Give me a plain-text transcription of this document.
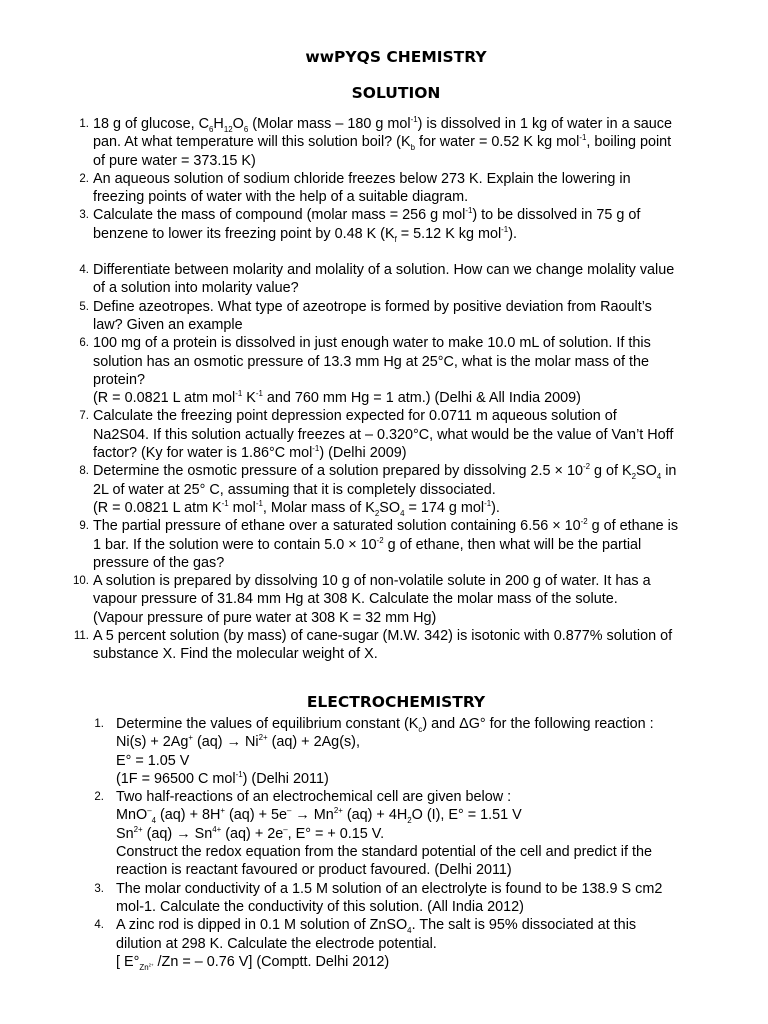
wwPYQS CHEMISTRY
SOLUTION
1. 18 g of glucose, $C_6H_{12}O_6$ (Molar mass – 180 g mol$^{-1}$) is dissolved in 1 kg of water in a sauce
pan. At what temperature will this solution boil? ($K_b$ for water = 0.52 K kg mol$^{-1}$, boiling point
of pure water = 373.15 K)
2. An aqueous solution of sodium chloride freezes below 273 K. Explain the lowering in
freezing points of water with the help of a suitable diagram.
3. Calculate the mass of compound (molar mass = 256 g mol$^{-1}$) to be dissolved in 75 g of
benzene to lower its freezing point by 0.48 K ($K_f = 5.12$ K kg mol$^{-1}$).
4. Differentiate between molarity and molality of a solution. How can we change molality value
of a solution into molarity value?
5. Define azeotropes. What type of azeotrope is formed by positive deviation from Raoult’s
law? Given an example
6. 100 mg of a protein is dissolved in just enough water to make 10.0 mL of solution. If this
solution has an osmotic pressure of 13.3 mm Hg at 25°C, what is the molar mass of the
protein?
(R = 0.0821 L atm mol$^{-1}$ $K^{-1}$ and 760 mm Hg = 1 atm.) (Delhi & All India 2009)
7. Calculate the freezing point depression expected for 0.0711 m aqueous solution of
Na2S04. If this solution actually freezes at – 0.320°C, what would be the value of Van’t Hoff
factor? (Ky for water is 1.86°C mol$^{-1}$) (Delhi 2009)
8. Determine the osmotic pressure of a solution prepared by dissolving $2.5 \times 10^{-2}$ g of $K_2SO_4$ in
2L of water at 25° C, assuming that it is completely dissociated.
(R = 0.0821 L atm $K^{-1}$ mol$^{-1}$, Molar mass of $K_2SO_4 = 174$ g mol$^{-1}$).
9. The partial pressure of ethane over a saturated solution containing $6.56 \times 10^{-2}$ g of ethane is
1 bar. If the solution were to contain $5.0 \times 10^{-2}$ g of ethane, then what will be the partial
pressure of the gas?
10. A solution is prepared by dissolving 10 g of non-volatile solute in 200 g of water. It has a
vapour pressure of 31.84 mm Hg at 308 K. Calculate the molar mass of the solute.
(Vapour pressure of pure water at 308 K = 32 mm Hg)
11. A 5 percent solution (by mass) of cane-sugar (M.W. 342) is isotonic with 0.877% solution of
substance X. Find the molecular weight of X.
ELECTROCHEMISTRY
1. Determine the values of equilibrium constant $(K_c)$ and ΔG° for the following reaction :
Ni(s) + 2Ag+ $(aq) \to Ni^{2+}$ (aq) + 2Ag(s),
E° = 1.05 V
(1F = 96500 C mol$^{-1}$) (Delhi 2011)
2. Two half-reactions of an electrochemical cell are given below :
MnO–$_4$ (aq) + 8H+ $(aq) + 5e^- \to Mn^{2+}$ $(aq) + 4H_2O$ (I), E° = 1.51 V
$Sn^{2+}$ $(aq) \to Sn^{4+}$ (aq) + 2e–, E° = + 0.15 V.
Construct the redox equation from the standard potential of the cell and predict if the
reaction is reactant favoured or product favoured. (Delhi 2011)
3. The molar conductivity of a 1.5 M solution of an electrolyte is found to be 138.9 S cm2
mol-1. Calculate the conductivity of this solution. (All India 2012)
4. A zinc rod is dipped in 0.1 M solution of ZnSO$_4$. The salt is 95% dissociated at this
dilution at 298 K. Calculate the electrode potential.
[ $E^\circ_{Zn^{2+}}$ /Zn = – 0.76 V] (Comptt. Delhi 2012)
